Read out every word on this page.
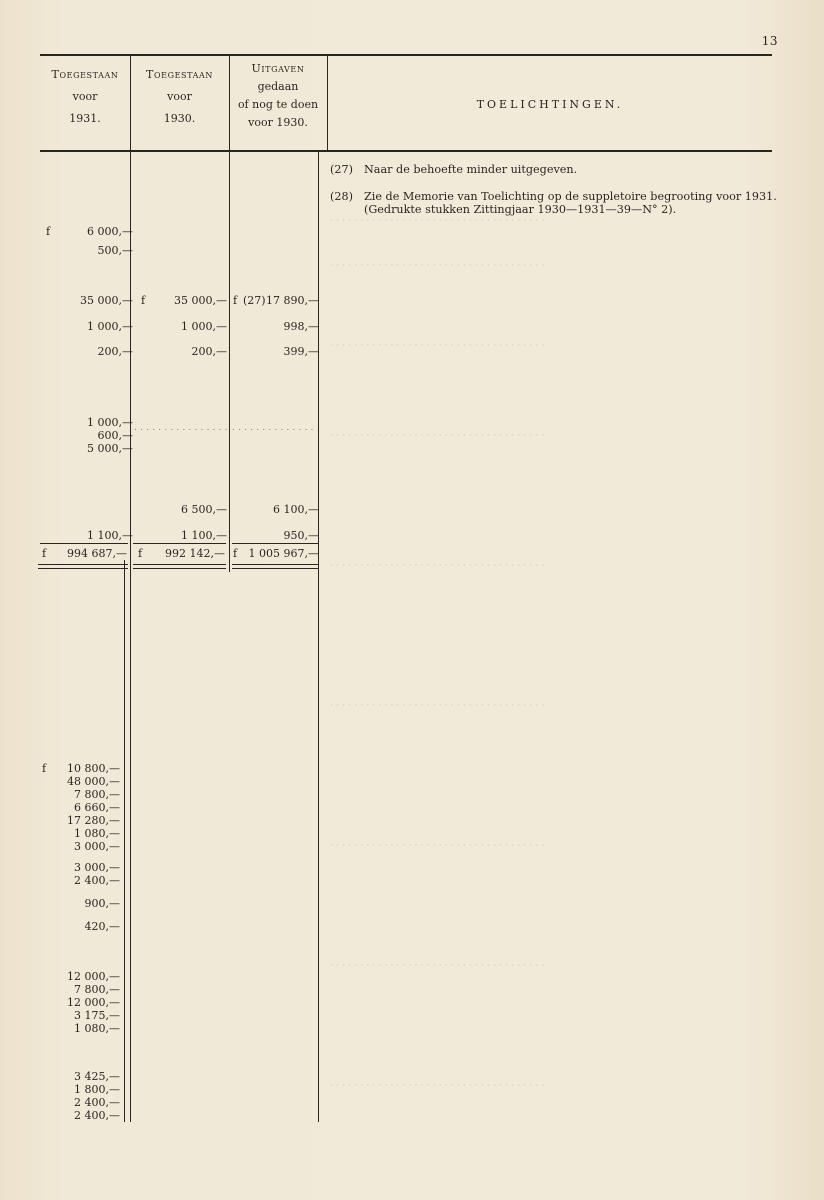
· · · · · · · · · · · · · · · · · · · · · · · · · · · · · · · · · · · ·
· · · · · · · · · · · · · · · · · · · · · · · · · · · · · · · · · · · ·
· · · · · · · · · · · · · · · · · · · · · · · · · · · · · · · · · · · ·
· · · · · · · · · · · · · · · · · · · · · · · · · · · · · · · · · · · ·
· · · · · · · · · · · · · · · · · · · · · · · · · · · · · · · · · · · ·
· · · · · · · · · · · · · · · · · · · · · · · · · · · · · · · · · · · ·
· · · · · · · · · · · · · · · · · · · · · · · · · · · · · · · · · · · ·
· · · · · · · · · · · · · · · · · · · · · · · · · · · · · · · · · · · ·
· · · · · · · · · · · · · · · · · · · · · · · · · · · · · · · · · · · ·
13
Toegestaan
voor
1931.
Toegestaan
voor
1930.
Uitgaven
gedaan
of nog te doen
voor 1930.
TOELICHTINGEN.
(27) Naar de behoefte minder uitgegeven.
(28) Zie de Memorie van Toelichting op de suppletoire begrooting voor 1931.
(Gedrukte stukken Zittingjaar 1930—1931—39—N° 2).
f	6 000,—
500,—
35 000,—
1 000,—
200,—
1 000,—
600,—
5 000,—
1 100,—
f 994 687,—
f 10 800,—
48 000,—
7 800,—
6 660,—
17 280,—
1 080,—
3 000,—
3 000,—
2 400,—
900,—
420,—
12 000,—
7 800,—
12 000,—
3 175,—
1 080,—
3 425,—
1 800,—
2 400,—
2 400,—
f	35 000,—
1 000,—
200,—
6 500,—
1 100,—
f 992 142,—
f (27) 17 890,—
998,—
399,—
6 100,—
950,—
f 1 005 967,—
. . . . . . . . . . . . . . . . . . . . . . . . . . . . . .
